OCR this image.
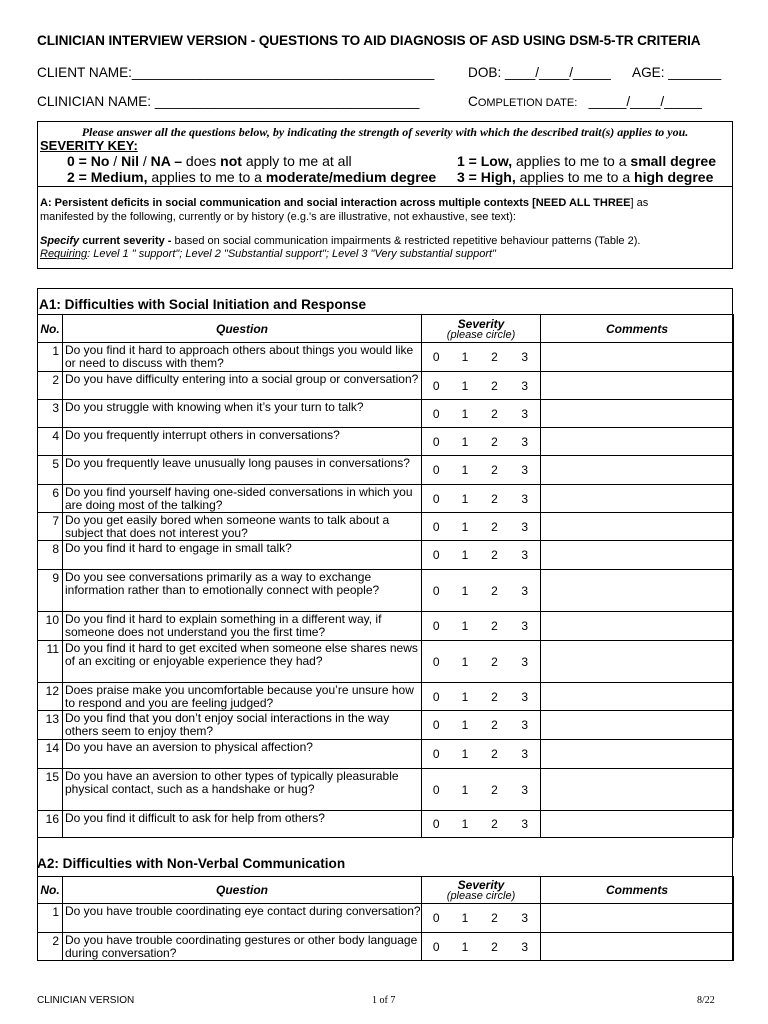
CLINICIAN INTERVIEW VERSION - QUESTIONS TO AID DIAGNOSIS OF ASD USING DSM-5-TR CRITERIA
CLIENT NAME:________________________________________ DOB: ____/____/_____ AGE: _______
CLINICIAN NAME: ___________________________________	COMPLETION DATE: _____/____/_____
Please answer all the questions below, by indicating the strength of severity with which the described trait(s) applies to you.
SEVERITY KEY:
0 = No / Nil / NA – does not apply to me at all	1 = Low, applies to me to a small degree
2 = Medium, applies to me to a moderate/medium degree 3 = High, applies to me to a high degree
A: Persistent deficits in social communication and social interaction across multiple contexts [NEED ALL THREE] as
manifested by the following, currently or by history (e.g.'s are illustrative, not exhaustive, see text):
Specify current severity - based on social communication impairments & restricted repetitive behaviour patterns (Table 2).
Requiring: Level 1 " support"; Level 2 "Substantial support"; Level 3 "Very substantial support"
A1: Difficulties with Social Initiation and Response
No.	Question	Severity
(please circle)				Comments
1	Do you find it hard to approach others about things you would like or need to discuss with them?	0	1	2	3	
2	Do you have difficulty entering into a social group or conversation?	0	1	2	3	
3	Do you struggle with knowing when it’s your turn to talk?	0	1	2	3	
4	Do you frequently interrupt others in conversations?	0	1	2	3	
5	Do you frequently leave unusually long pauses in conversations?	0	1	2	3	
6	Do you find yourself having one-sided conversations in which you are doing most of the talking?	0	1	2	3	
7	Do you get easily bored when someone wants to talk about a subject that does not interest you?	0	1	2	3	
8	Do you find it hard to engage in small talk?	0	1	2	3	
9	Do you see conversations primarily as a way to exchange information rather than to emotionally connect with people?	0	1	2	3	
10	Do you find it hard to explain something in a different way, if someone does not understand you the first time?	0	1	2	3	
11	Do you find it hard to get excited when someone else shares news of an exciting or enjoyable experience they had?	0	1	2	3	
12	Does praise make you uncomfortable because you’re unsure how to respond and you are feeling judged?	0	1	2	3	
13	Do you find that you don’t enjoy social interactions in the way others seem to enjoy them?	0	1	2	3	
14	Do you have an aversion to physical affection?	0	1	2	3	
15	Do you have an aversion to other types of typically pleasurable physical contact, such as a handshake or hug?	0	1	2	3	
16	Do you find it difficult to ask for help from others?	0	1	2	3	
A2: Difficulties with Non-Verbal Communication
No.	Question	Severity
(please circle)				Comments
1	Do you have trouble coordinating eye contact during conversation?	0	1	2	3	
2	Do you have trouble coordinating gestures or other body language during conversation?	0	1	2	3	
CLINICIAN VERSION	1 of 7	8/22
